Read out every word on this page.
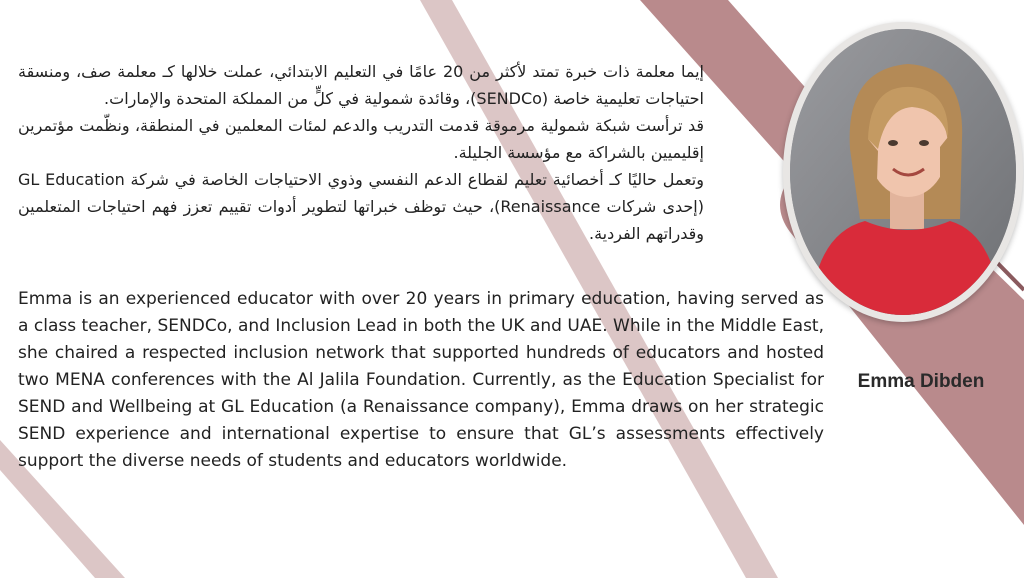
إيما معلمة ذات خبرة تمتد لأكثر من 20 عامًا في التعليم الابتدائي، عملت خلالها كـ معلمة صف، ومنسقة احتياجات تعليمية خاصة (SENDCo)، وقائدة شمولية في كلٍّ من المملكة المتحدة والإمارات.

قد ترأست شبكة شمولية مرموقة قدمت التدريب والدعم لمئات المعلمين في المنطقة، ونظّمت مؤتمرين إقليميين بالشراكة مع مؤسسة الجليلة.

وتعمل حاليًا كـ أخصائية تعليم لقطاع الدعم النفسي وذوي الاحتياجات الخاصة في شركة GL Education (إحدى شركات Renaissance)، حيث توظف خبراتها لتطوير أدوات تقييم تعزز فهم احتياجات المتعلمين وقدراتهم الفردية.

Emma is an experienced educator with over 20 years in primary education, having served as a class teacher, SENDCo, and Inclusion Lead in both the UK and UAE. While in the Middle East, she chaired a respected inclusion network that supported hundreds of educators and hosted two MENA conferences with the Al Jalila Foundation. Currently, as the Education Specialist for SEND and Wellbeing at GL Education (a Renaissance company), Emma draws on her strategic SEND experience and international expertise to ensure that GL’s assessments effectively support the diverse needs of students and educators worldwide.

Emma Dibden
